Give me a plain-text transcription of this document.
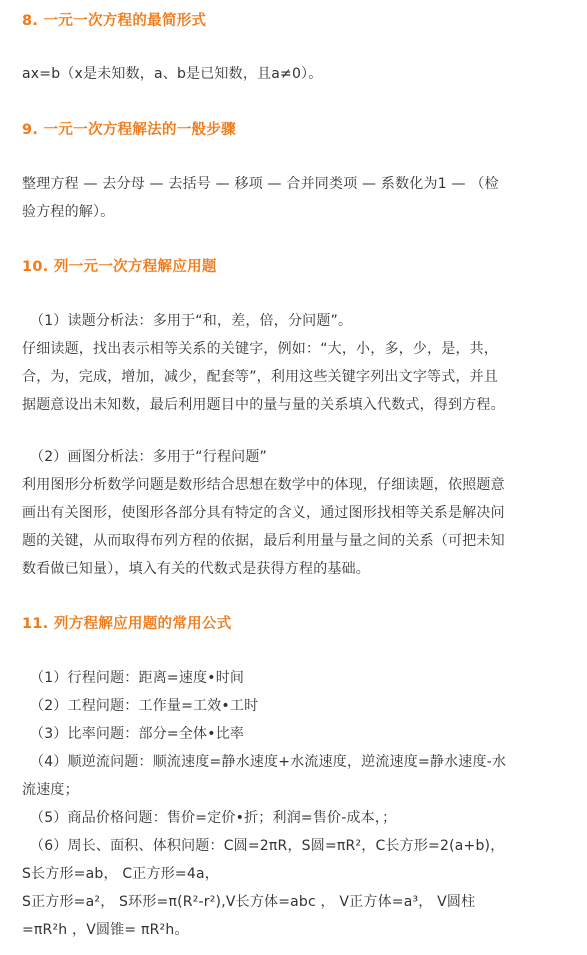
8. 一元一次方程的最简形式
ax=b（x是未知数，a、b是已知数，且a≠0）。
9. 一元一次方程解法的一般步骤
整理方程 — 去分母 — 去括号 — 移项 — 合并同类项 — 系数化为1 — （检
验方程的解）。
10. 列一元一次方程解应用题
（1）读题分析法：多用于“和，差，倍，分问题”。
仔细读题，找出表示相等关系的关键字，例如：“大，小，多，少，是，共，
合，为，完成，增加，减少，配套等”，利用这些关键字列出文字等式，并且
据题意设出未知数，最后利用题目中的量与量的关系填入代数式，得到方程。
（2）画图分析法：多用于“行程问题”
利用图形分析数学问题是数形结合思想在数学中的体现，仔细读题，依照题意
画出有关图形，使图形各部分具有特定的含义，通过图形找相等关系是解决问
题的关键，从而取得布列方程的依据，最后利用量与量之间的关系（可把未知
数看做已知量），填入有关的代数式是获得方程的基础。
11. 列方程解应用题的常用公式
（1）行程问题：距离=速度•时间
（2）工程问题：工作量=工效•工时
（3）比率问题：部分=全体•比率
（4）顺逆流问题：顺流速度=静水速度+水流速度，逆流速度=静水速度-水
流速度；
（5）商品价格问题：售价=定价•折；利润=售价-成本，；
（6）周长、面积、体积问题：C圆=2πR，S圆=πR²，C长方形=2(a+b)，
S长方形=ab， C正方形=4a，
S正方形=a²， S环形=π(R²-r²),V长方体=abc ， V正方体=a³， V圆柱
=πR²h ，V圆锥= πR²h。
